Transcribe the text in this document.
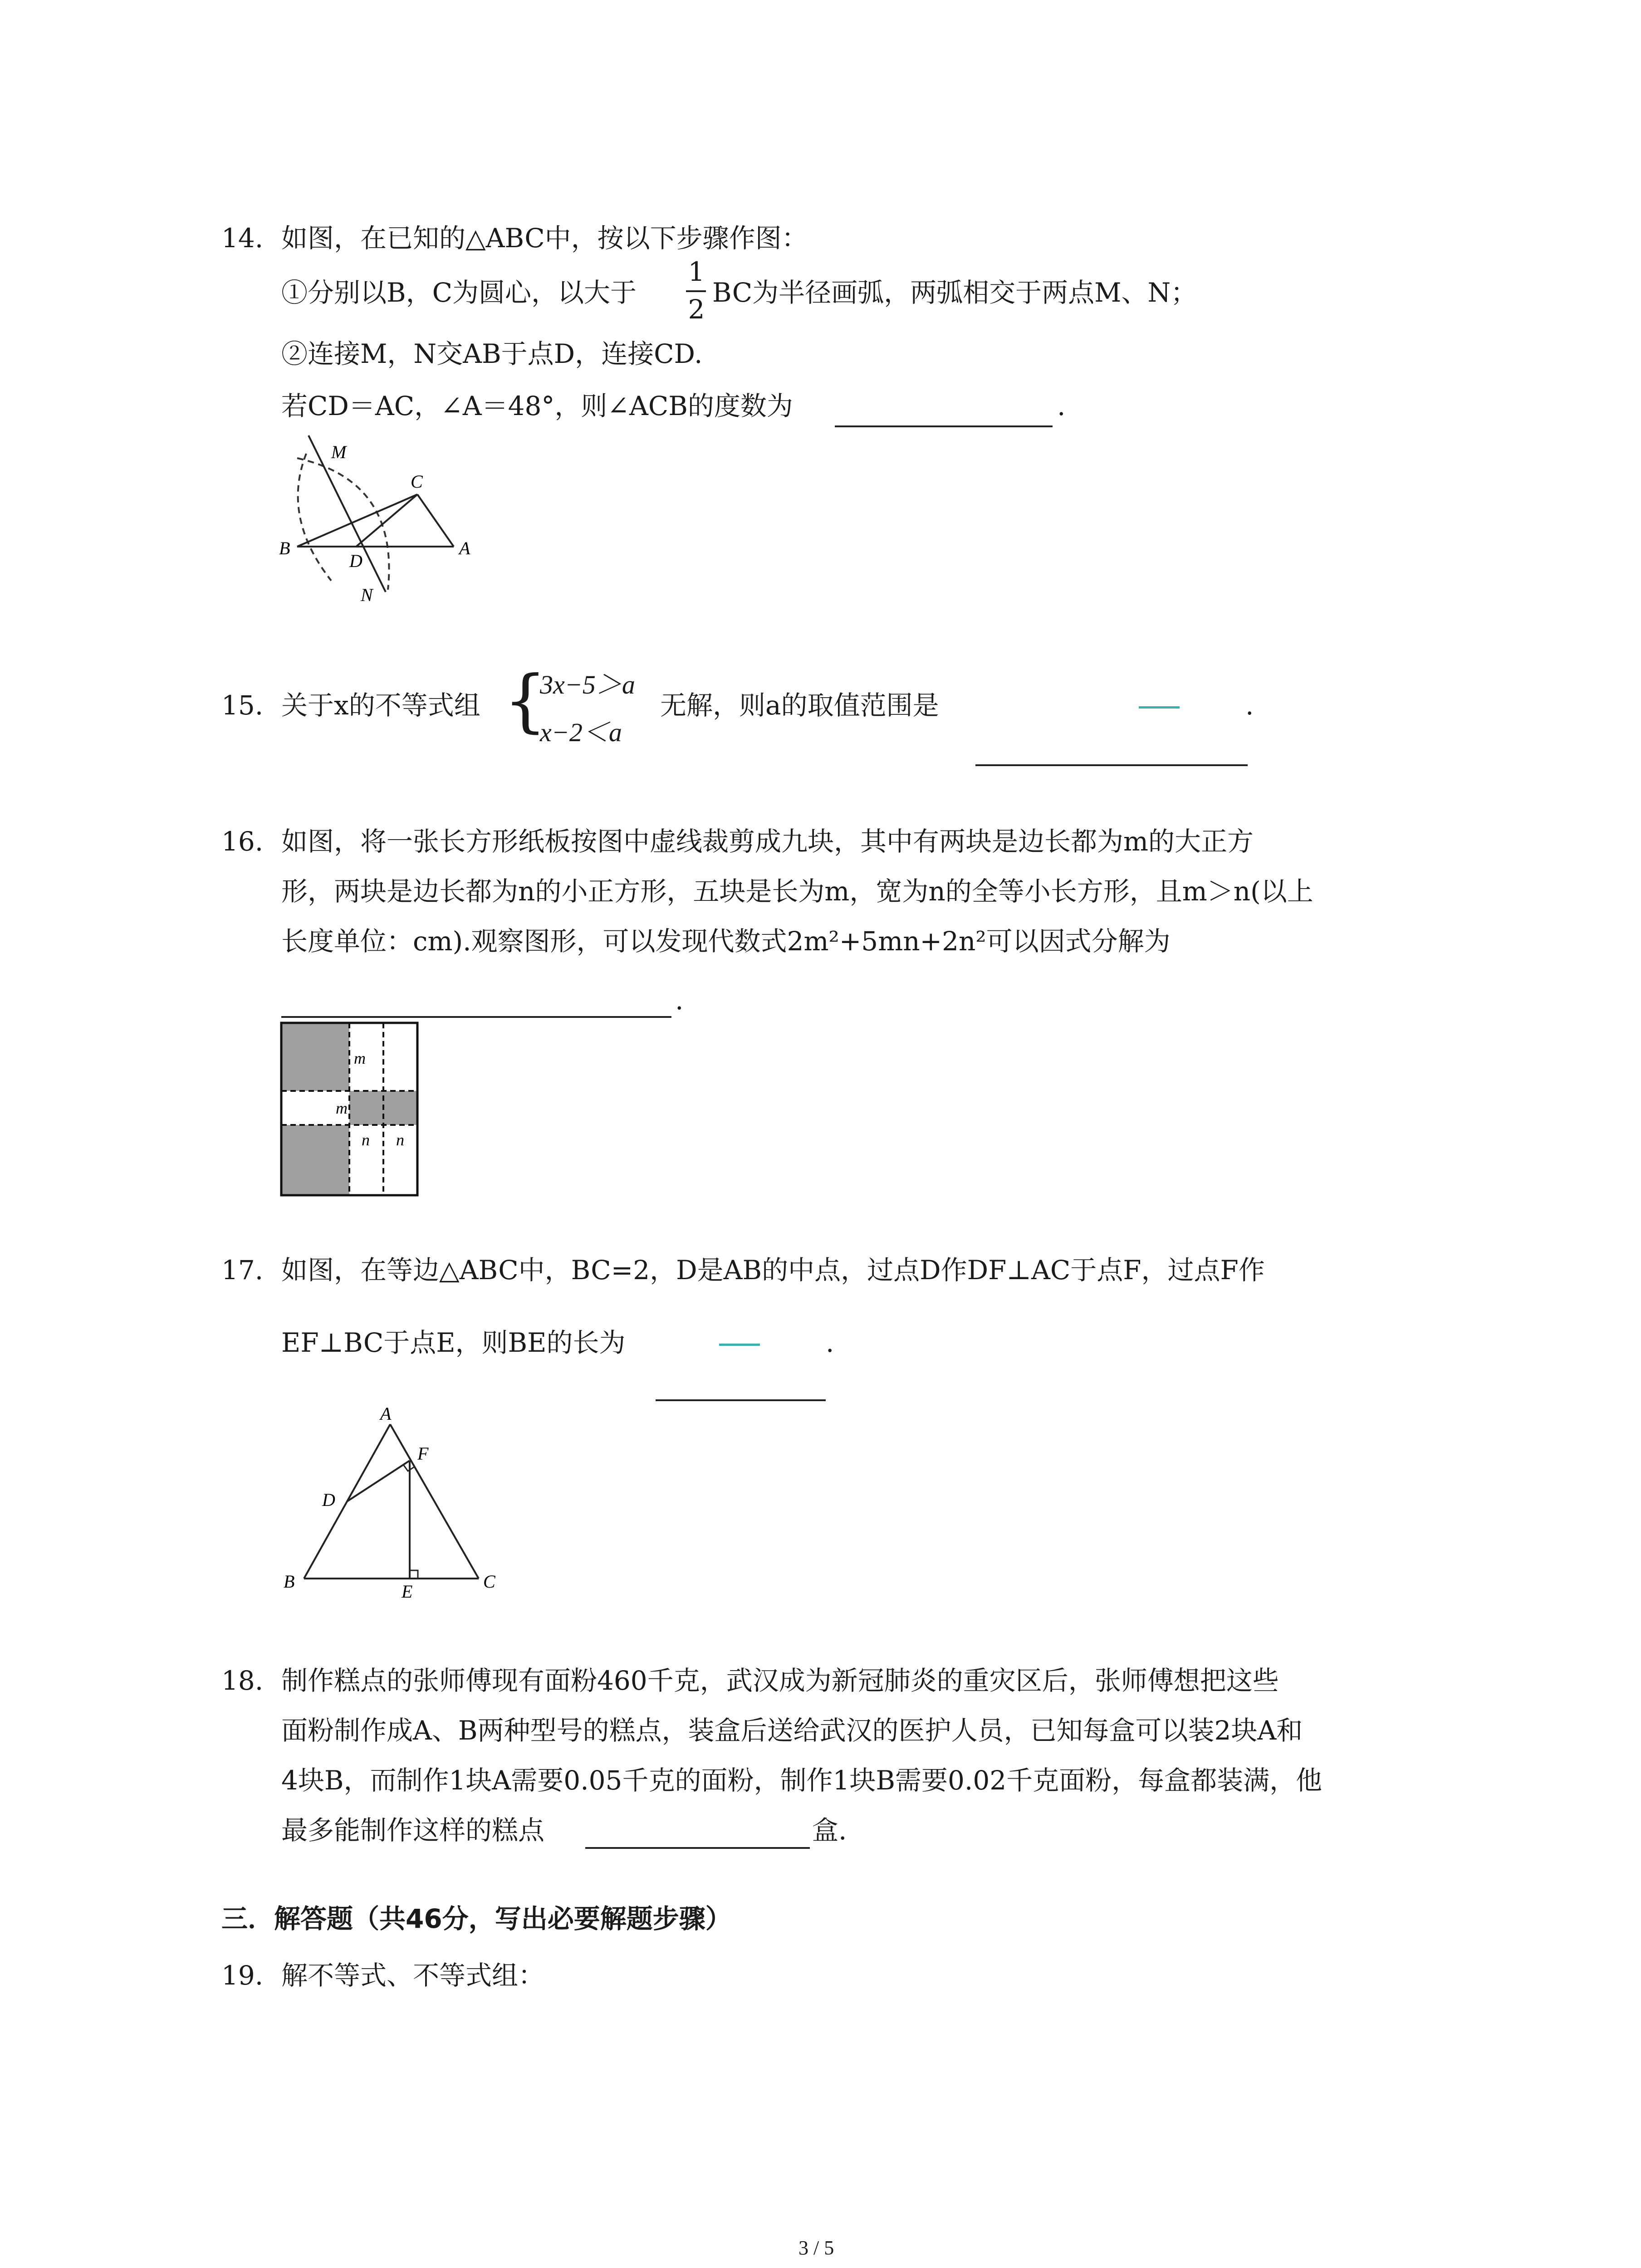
14. 如图，在已知的△ABC中，按以下步骤作图：
①分别以B，C为圆心，以大于
1
2
BC为半径画弧，两弧相交于两点M、N；
②连接M，N交AB于点D，连接CD.
若CD＝AC，∠A＝48°，则∠ACB的度数为	.
M
C
B
D
A
N
15. 关于x的不等式组 {
3x−5＞a
x−2＜a
无解，则a的取值范围是	.
16. 如图，将一张长方形纸板按图中虚线裁剪成九块，其中有两块是边长都为m的大正方
形，两块是边长都为n的小正方形，五块是长为m，宽为n的全等小长方形，且m＞n(以上
长度单位：cm).观察图形，可以发现代数式2m²+5mn+2n²可以因式分解为
.
m
m
n n
17. 如图，在等边△ABC中，BC=2，D是AB的中点，过点D作DF⊥AC于点F，过点F作
EF⊥BC于点E，则BE的长为	.
A
F
D
B	E	C
18. 制作糕点的张师傅现有面粉460千克，武汉成为新冠肺炎的重灾区后，张师傅想把这些
面粉制作成A、B两种型号的糕点，装盒后送给武汉的医护人员，已知每盒可以装2块A和
4块B，而制作1块A需要0.05千克的面粉，制作1块B需要0.02千克面粉，每盒都装满，他
最多能制作这样的糕点	盒.
三．解答题（共46分，写出必要解题步骤）
19. 解不等式、不等式组：
3 / 5
